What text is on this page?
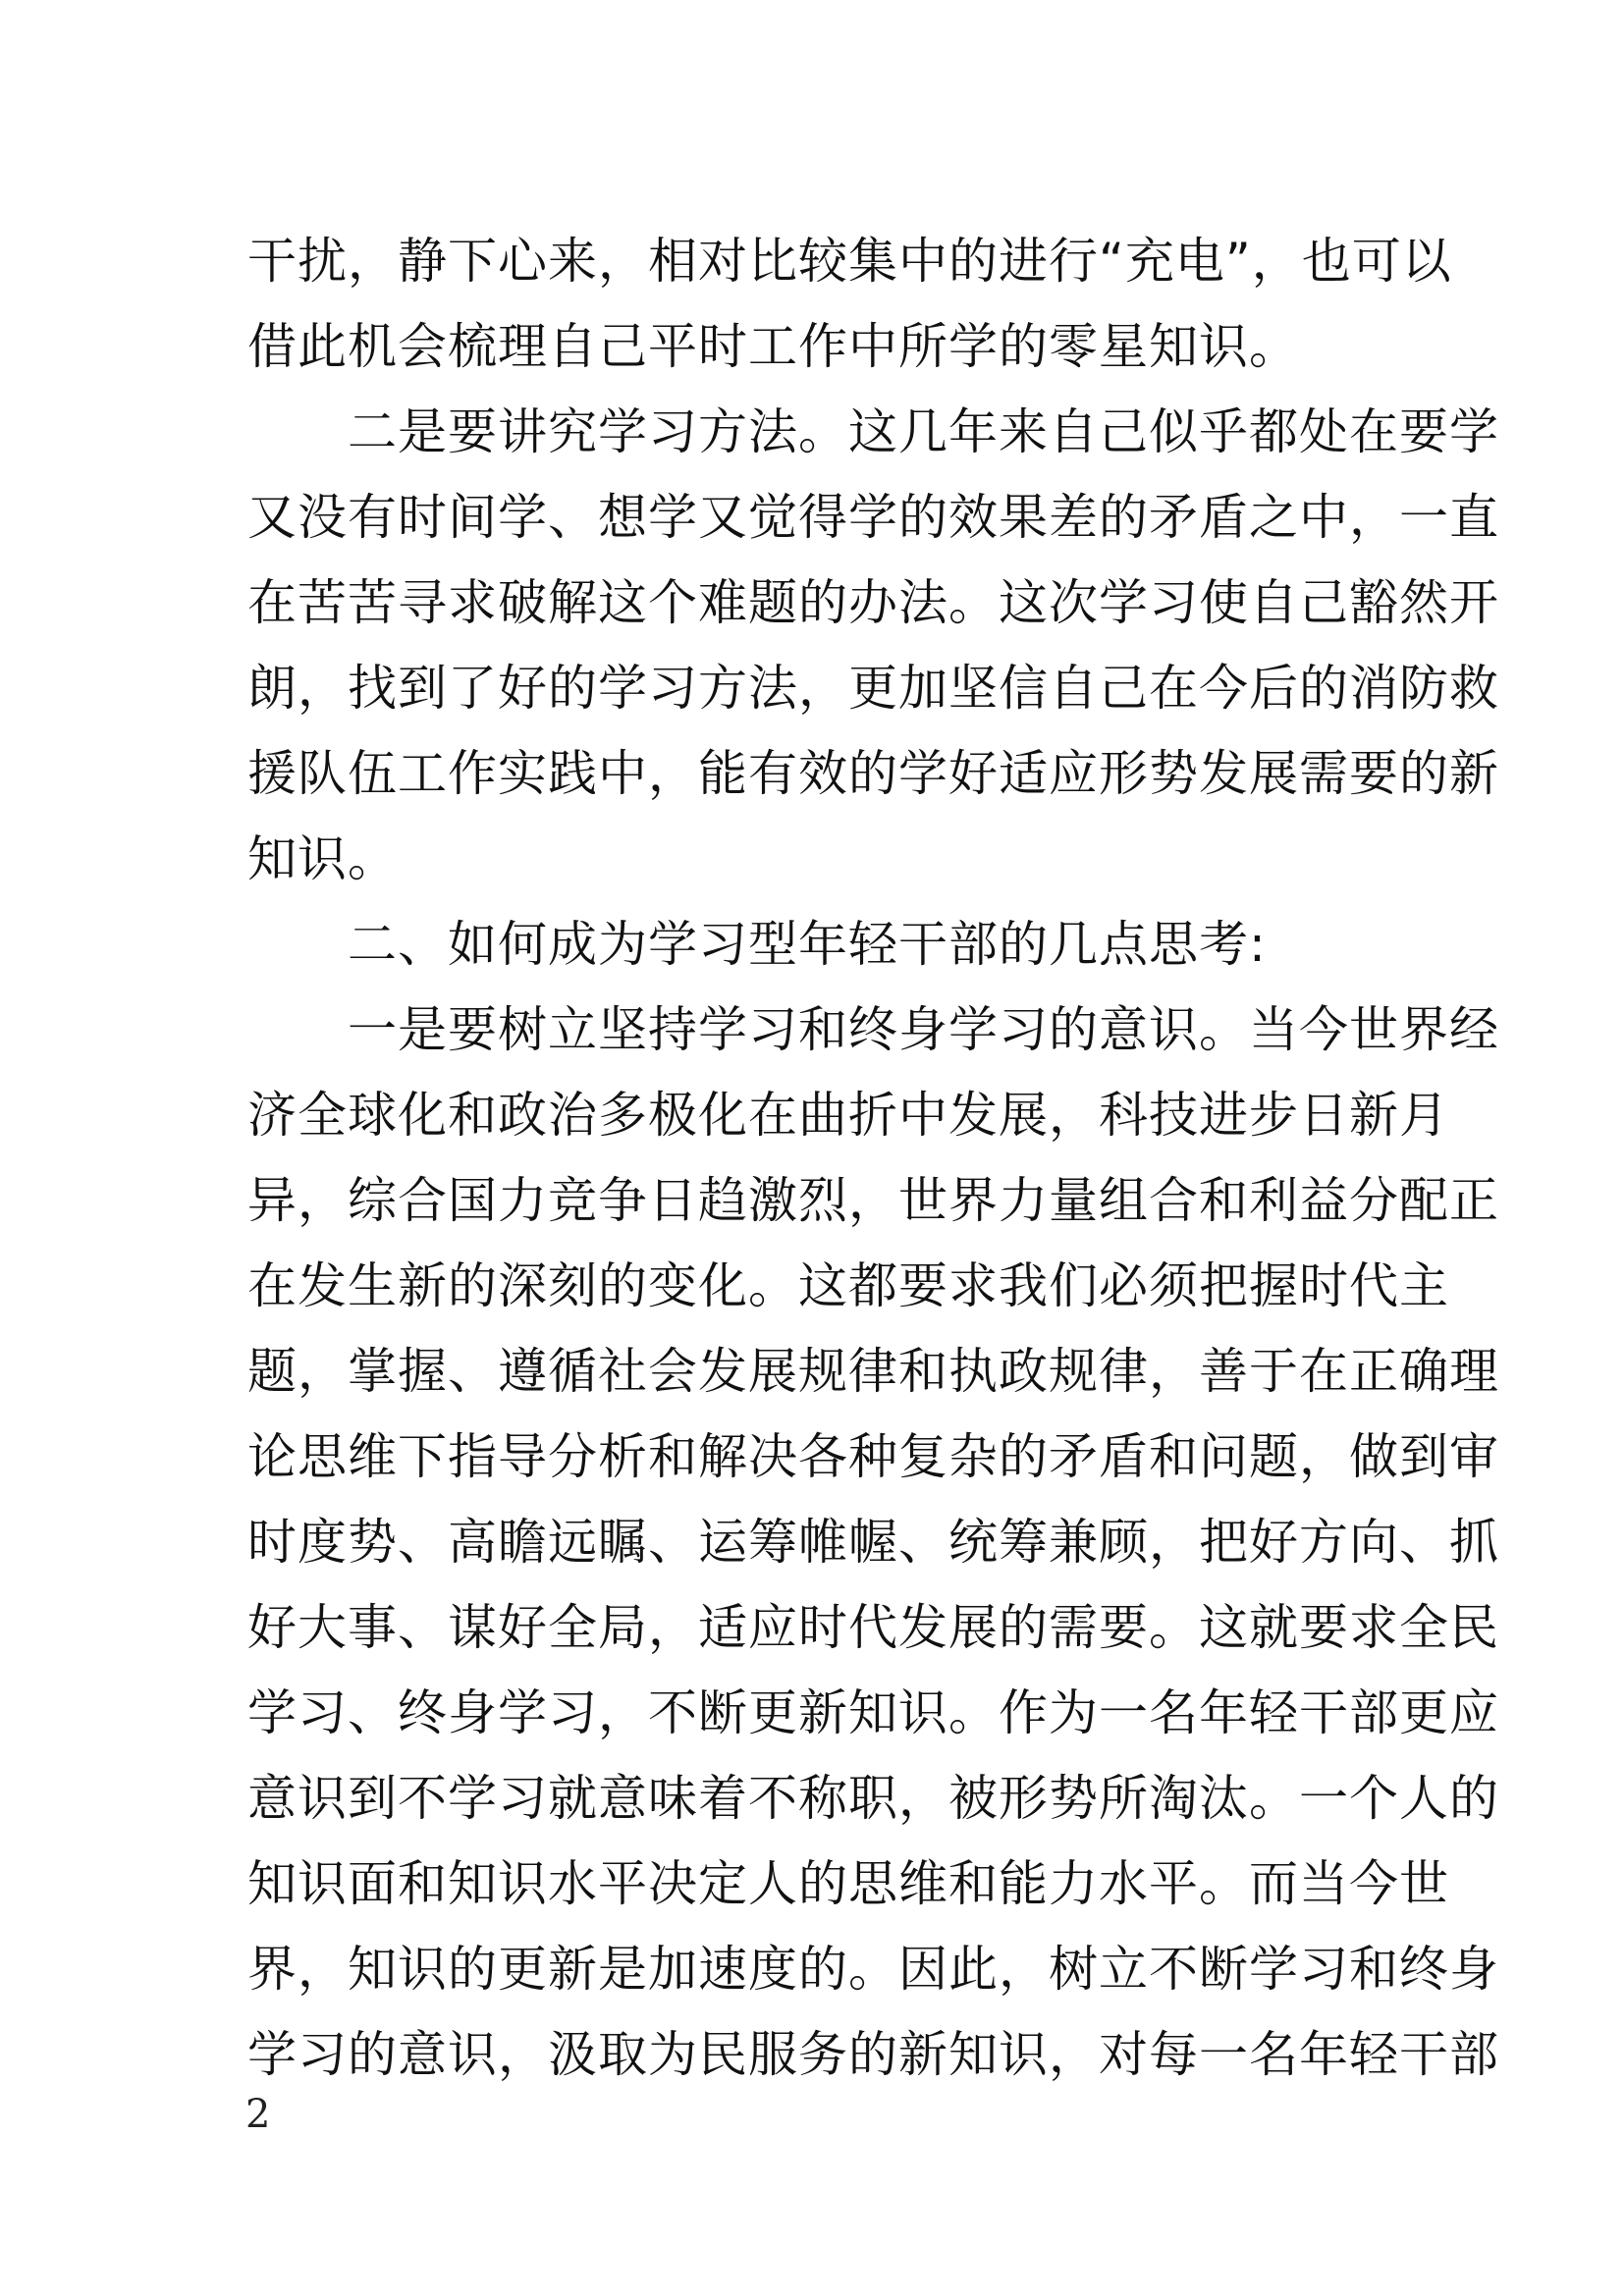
干扰，静下心来，相对比较集中的进行“充电”，也可以
借此机会梳理自己平时工作中所学的零星知识。
　　二是要讲究学习方法。这几年来自己似乎都处在要学
又没有时间学、想学又觉得学的效果差的矛盾之中，一直
在苦苦寻求破解这个难题的办法。这次学习使自己豁然开
朗，找到了好的学习方法，更加坚信自己在今后的消防救
援队伍工作实践中，能有效的学好适应形势发展需要的新
知识。
　　二、如何成为学习型年轻干部的几点思考:
　　一是要树立坚持学习和终身学习的意识。当今世界经
济全球化和政治多极化在曲折中发展，科技进步日新月
异，综合国力竞争日趋激烈，世界力量组合和利益分配正
在发生新的深刻的变化。这都要求我们必须把握时代主
题，掌握、遵循社会发展规律和执政规律，善于在正确理
论思维下指导分析和解决各种复杂的矛盾和问题，做到审
时度势、高瞻远瞩、运筹帷幄、统筹兼顾，把好方向、抓
好大事、谋好全局，适应时代发展的需要。这就要求全民
学习、终身学习，不断更新知识。作为一名年轻干部更应
意识到不学习就意味着不称职，被形势所淘汰。一个人的
知识面和知识水平决定人的思维和能力水平。而当今世
界，知识的更新是加速度的。因此，树立不断学习和终身
学习的意识，汲取为民服务的新知识，对每一名年轻干部
2
